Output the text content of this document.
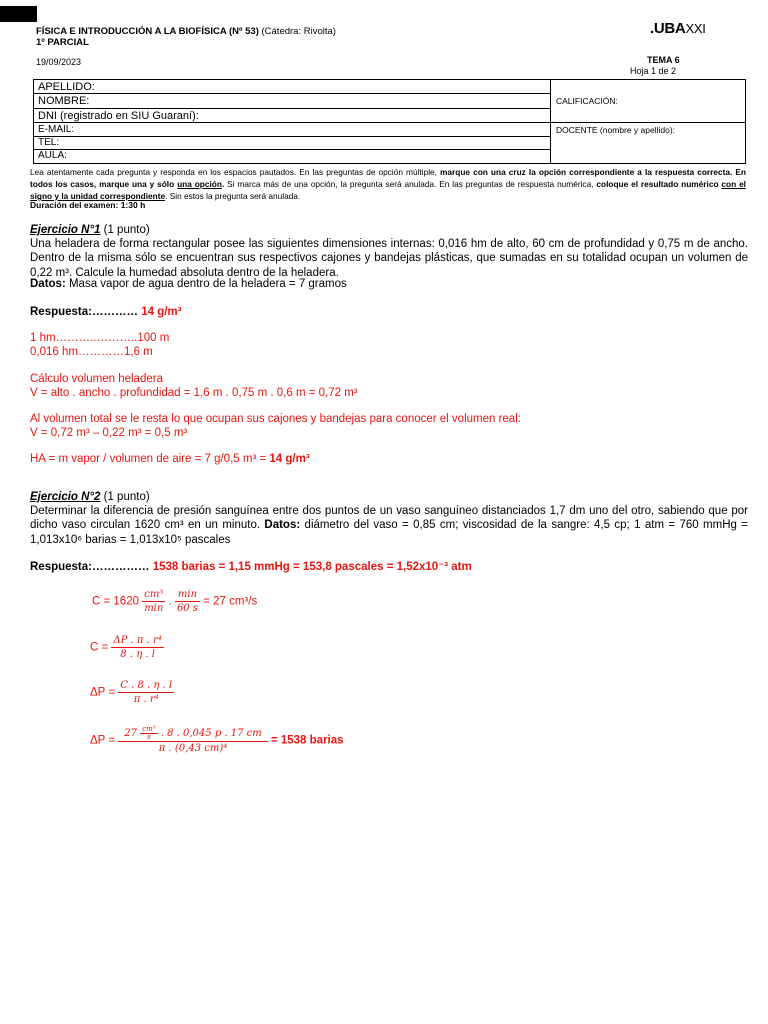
FÍSICA E INTRODUCCIÓN A LA BIOFÍSICA (Nº 53) (Cátedra: Rivolta)
1º PARCIAL
.UBAXXI
19/09/2023	TEMA 6
Hoja 1 de 2
APELLIDO:
NOMBRE:
DNI (registrado en SIU Guaraní):
E-MAIL:
TEL:
AULA:
CALIFICACIÓN:
DOCENTE (nombre y apellido):
Lea atentamente cada pregunta y responda en los espacios pautados. En las preguntas de opción múltiple, marque con una cruz la opción correspondiente a la respuesta correcta. En todos los casos, marque una y sólo una opción. Si marca más de una opción, la pregunta será anulada. En las preguntas de respuesta numérica, coloque el resultado numérico con el signo y la unidad correspondiente. Sin estos la pregunta será anulada.
Duración del examen: 1:30 h
Ejercicio N°1 (1 punto)
Una heladera de forma rectangular posee las siguientes dimensiones internas: 0,016 hm de alto, 60 cm de profundidad y 0,75 m de ancho. Dentro de la misma sólo se encuentran sus respectivos cajones y bandejas plásticas, que sumadas en su totalidad ocupan un volumen de 0,22 m³. Calcule la humedad absoluta dentro de la heladera.
Datos: Masa vapor de agua dentro de la heladera = 7 gramos
Respuesta:………… 14 g/m³
1 hm………..………..100 m
0,016 hm…………1,6 m
Cálculo volumen heladera
V = alto . ancho . profundidad = 1,6 m . 0,75 m . 0,6 m = 0,72 m³
Al volumen total se le resta lo que ocupan sus cajones y bandejas para conocer el volumen real:
V = 0,72 m³ – 0,22 m³ = 0,5 m³
HA = m vapor / volumen de aire = 7 g/0,5 m³ = 14 g/m³
Ejercicio N°2 (1 punto)
Determinar la diferencia de presión sanguínea entre dos puntos de un vaso sanguíneo distanciados 1,7 dm uno del otro, sabiendo que por dicho vaso circulan 1620 cm³ en un minuto. Datos: diámetro del vaso = 0,85 cm; viscosidad de la sangre: 4,5 cp; 1 atm = 760 mmHg = 1,013x10⁶ barias = 1,013x10⁵ pascales
Respuesta:…………… 1538 barias = 1,15 mmHg = 153,8 pascales = 1,52x10⁻³ atm
$C = 1620 \frac{\text{cm³}}{\min}$ . $\frac{\min}{60 s} = 27$ cm³/s
$C = \frac{\text{ΔP . π . r⁴}}{8 . \eta . l}$
$\Delta P = \frac{C . 8 . \eta . l}{\text{π . r⁴}}$
$\Delta P = \frac{27 \frac{\text{cm³}}{s} . 8 . 0,045 p . 17 cm}{\text{π . (0,43 cm)⁴}} = 1538$ barias
